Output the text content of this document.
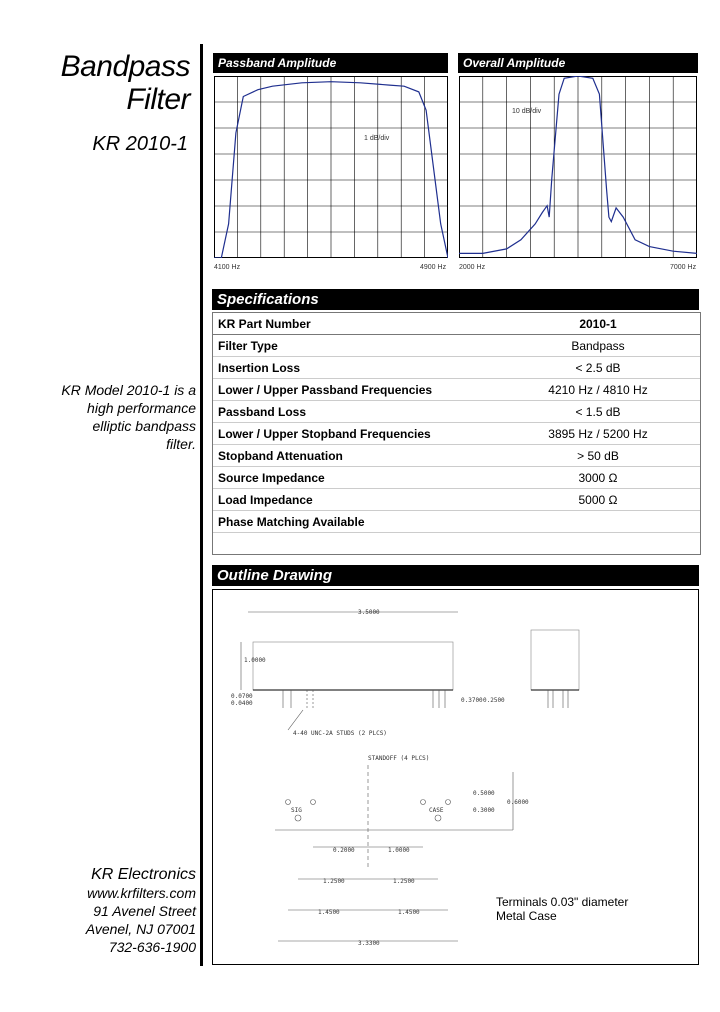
Bandpass
Filter
KR 2010-1
KR Model 2010-1 is a
high performance
elliptic bandpass
filter.
KR Electronics
www.krfilters.com
91 Avenel Street
Avenel, NJ 07001
732-636-1900
Passband Amplitude	Overall Amplitude
4100 Hz	4900 Hz
1 dB/div
2000 Hz	7000 Hz
10 dB/div
Specifications
KR Part Number	2010-1
Filter Type	Bandpass
Insertion Loss	< 2.5 dB
Lower / Upper Passband Frequencies	4210 Hz / 4810 Hz
Passband Loss	< 1.5 dB
Lower / Upper Stopband Frequencies	3895 Hz / 5200 Hz
Stopband Attenuation	> 50 dB
Source Impedance	3000 Ω
Load Impedance	5000 Ω
Phase Matching Available
Outline Drawing
3.5000
1.0000
0.0700
0.0400	0.3700 0.2500
4-40 UNC-2A STUDS (2 PLCS)
STANDOFF (4 PLCS)
0.5000
0.3000
0.6000
0.2000	1.0000
1.2500	1.2500
1.4500	1.4500
3.3300
SIG	CASE
Terminals 0.03" diameter
Metal Case
